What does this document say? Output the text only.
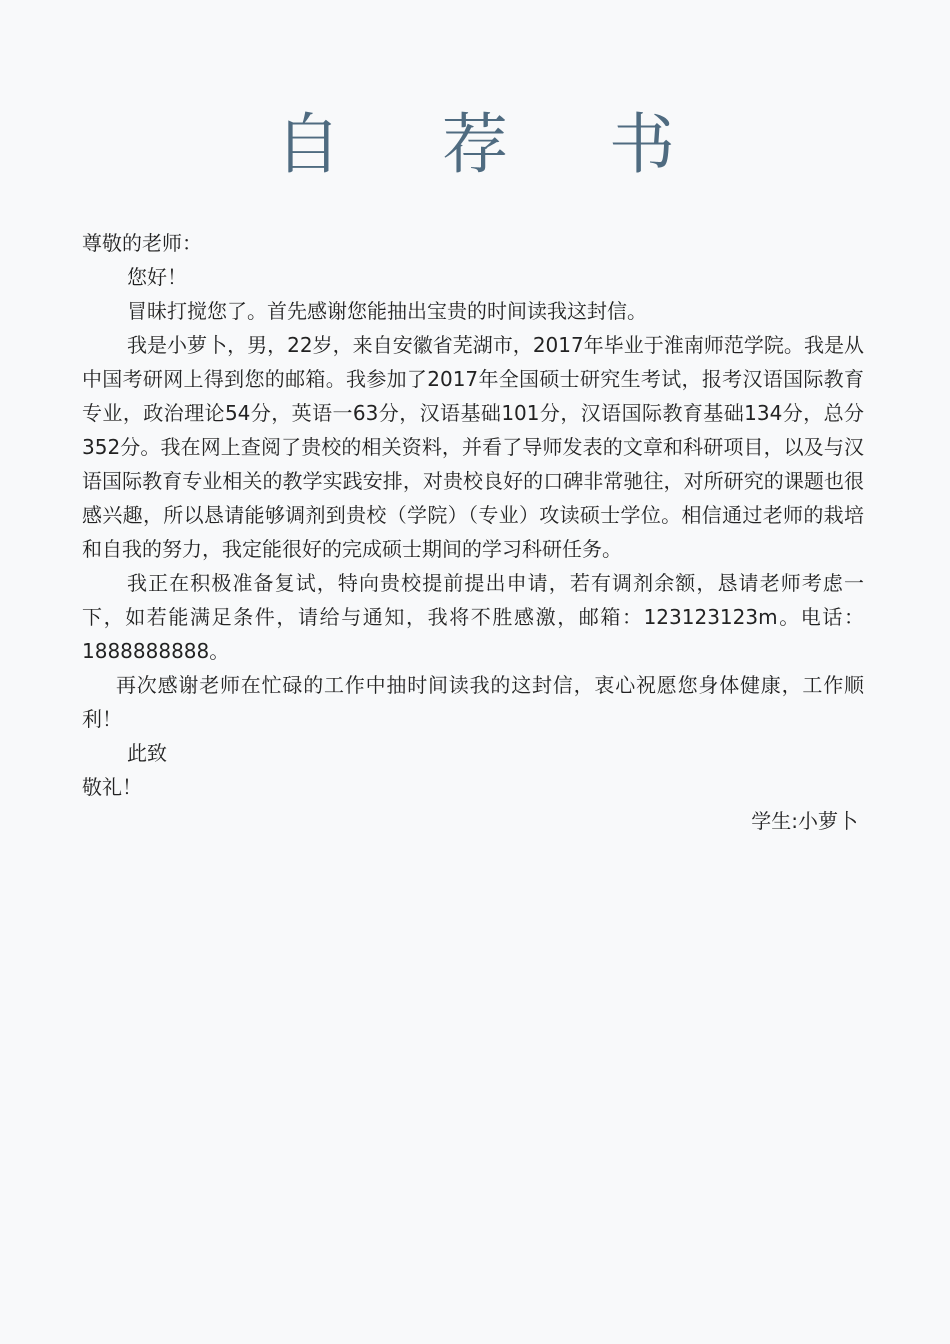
自 荐 书

尊敬的老师：

您好！

冒昧打搅您了。首先感谢您能抽出宝贵的时间读我这封信。

我是小萝卜，男，22岁，来自安徽省芜湖市，2017年毕业于淮南师范学院。我是从中国考研网上得到您的邮箱。我参加了2017年全国硕士研究生考试，报考汉语国际教育专业，政治理论54分，英语一63分，汉语基础101分，汉语国际教育基础134分，总分352分。我在网上查阅了贵校的相关资料，并看了导师发表的文章和科研项目，以及与汉语国际教育专业相关的教学实践安排，对贵校良好的口碑非常驰往，对所研究的课题也很感兴趣，所以恳请能够调剂到贵校（学院）（专业）攻读硕士学位。相信通过老师的栽培和自我的努力，我定能很好的完成硕士期间的学习科研任务。

我正在积极准备复试，特向贵校提前提出申请，若有调剂余额，恳请老师考虑一下，如若能满足条件，请给与通知，我将不胜感激，邮箱：123123123m。电话：1888888888。

再次感谢老师在忙碌的工作中抽时间读我的这封信，衷心祝愿您身体健康，工作顺利！

此致

敬礼！

学生:小萝卜
